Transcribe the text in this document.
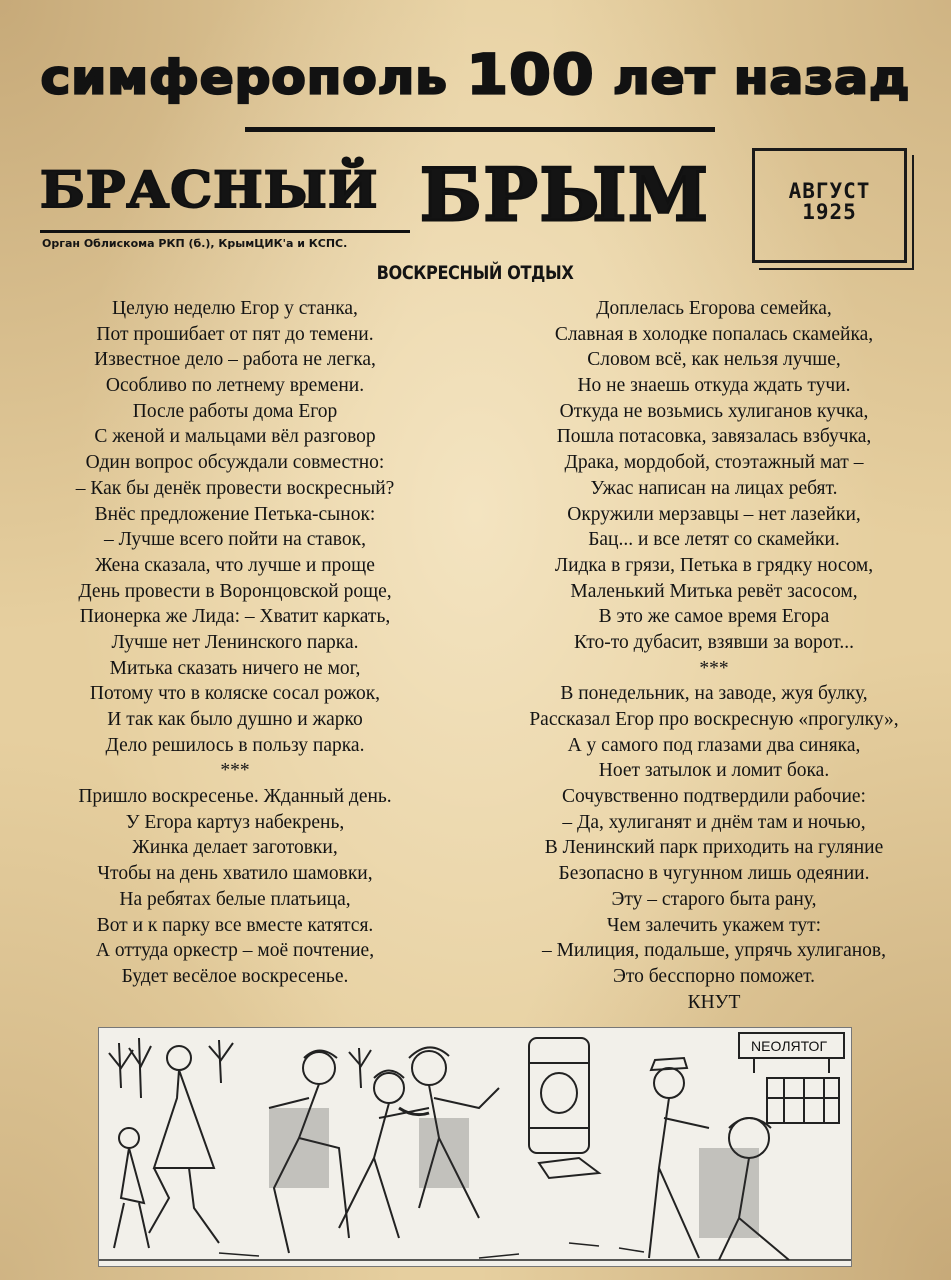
симферополь 100 лет назад
БРАСНЫЙ БРЫМ
Орган Облискома РКП (б.), КрымЦИК'а и КСПС.
АВГУСТ
1925
ВОСКРЕСНЫЙ ОТДЫХ
Целую неделю Егор у станка,
Пот прошибает от пят до темени.
Известное дело – работа не легка,
Особливо по летнему времени.
После работы дома Егор
С женой и мальцами вёл разговор
Один вопрос обсуждали совместно:
– Как бы денёк провести воскресный?
Внёс предложение Петька-сынок:
– Лучше всего пойти на ставок,
Жена сказала, что лучше и проще
День провести в Воронцовской роще,
Пионерка же Лида: – Хватит каркать,
Лучше нет Ленинского парка.
Митька сказать ничего не мог,
Потому что в коляске сосал рожок,
И так как было душно и жарко
Дело решилось в пользу парка.
***
Пришло воскресенье. Жданный день.
У Егора картуз набекрень,
Жинка делает заготовки,
Чтобы на день хватило шамовки,
На ребятах белые платьица,
Вот и к парку все вместе катятся.
А оттуда оркестр – моё почтение,
Будет весёлое воскресенье.
Доплелась Егорова семейка,
Славная в холодке попалась скамейка,
Словом всё, как нельзя лучше,
Но не знаешь откуда ждать тучи.
Откуда не возьмись хулиганов кучка,
Пошла потасовка, завязалась взбучка,
Драка, мордобой, стоэтажный мат –
Ужас написан на лицах ребят.
Окружили мерзавцы – нет лазейки,
Бац... и все летят со скамейки.
Лидка в грязи, Петька в грядку носом,
Маленький Митька ревёт засосом,
В это же самое время Егора
Кто-то дубасит, взявши за ворот...
***
В понедельник, на заводе, жуя булку,
Рассказал Егор про воскресную «прогулку»,
А у самого под глазами два синяка,
Ноет затылок и ломит бока.
Сочувственно подтвердили рабочие:
– Да, хулиганят и днём там и ночью,
В Ленинский парк приходить на гуляние
Безопасно в чугунном лишь одеянии.
Эту – старого быта рану,
Чем залечить укажем тут:
– Милиция, подальше, упрячь хулиганов,
Это бесспорно поможет.
КНУТ
NEOЛЯТОГ
